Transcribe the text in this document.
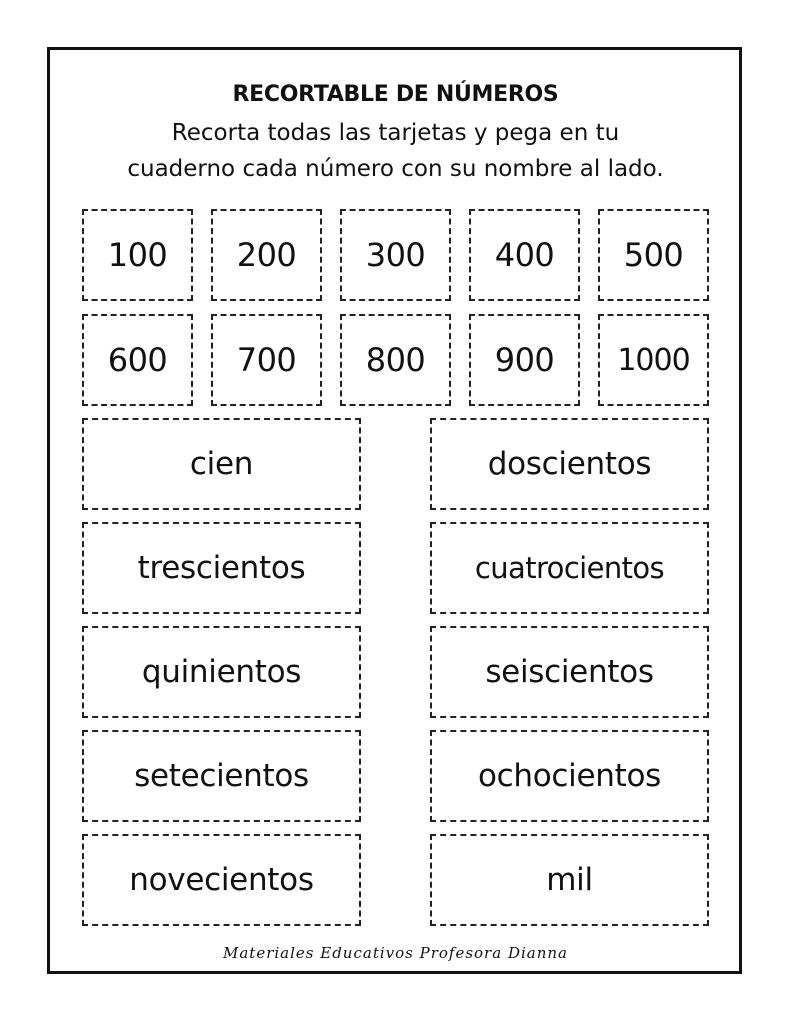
RECORTABLE DE NÚMEROS
Recorta todas las tarjetas y pega en tu
cuaderno cada número con su nombre al lado.
100	200	300	400	500
600	700	800	900	1000
cien
trescientos
quinientos
setecientos
novecientos
doscientos
cuatrocientos
seiscientos
ochocientos
mil
Materiales Educativos Profesora Dianna
